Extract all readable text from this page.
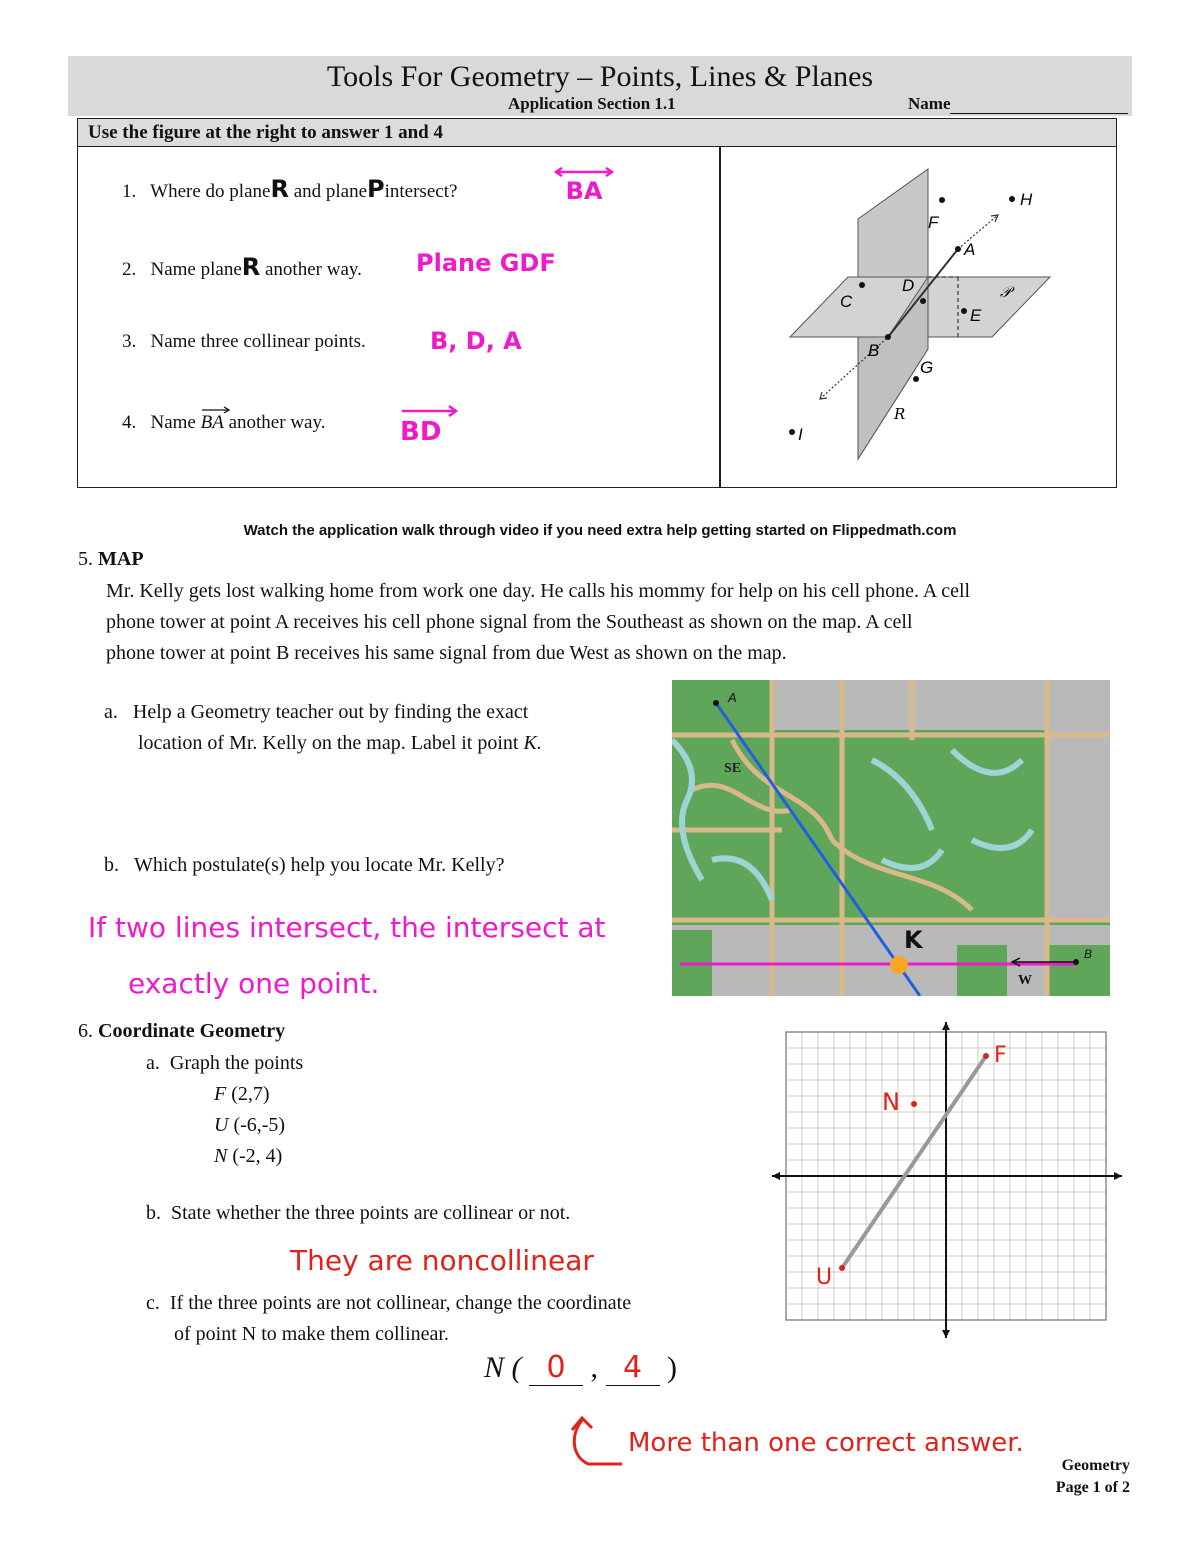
Tools For Geometry – Points, Lines & Planes
Application Section 1.1	Name
Use the figure at the right to answer 1 and 4
1. Where do planeR and planePintersect?	BA
2. Name planeR another way. Plane GDF
3. Name three collinear points.	B, D, A
4. Name BA another way.	BD
F
H
A
C
D	𝒫
E
B
G
𝑅
I
Watch the application walk through video if you need extra help getting started on Flippedmath.com
5. MAP
Mr. Kelly gets lost walking home from work one day. He calls his mommy for help on his cell phone. A cell
phone tower at point A receives his cell phone signal from the Southeast as shown on the map. A cell
phone tower at point B receives his same signal from due West as shown on the map.
a. Help a Geometry teacher out by finding the exact
location of Mr. Kelly on the map. Label it point K.
b. Which postulate(s) help you locate Mr. Kelly?
If two lines intersect, the intersect at
exactly one point.
SE
A
B
W
K
6. Coordinate Geometry
a. Graph the points
F (2,7)
U (-6,-5)
N (-2, 4)
b. State whether the three points are collinear or not.
They are noncollinear
c. If the three points are not collinear, change the coordinate
of point N to make them collinear.
N ( 0 , 4 )
More than one correct answer.
F
N
U
Geometry
Page 1 of 2
